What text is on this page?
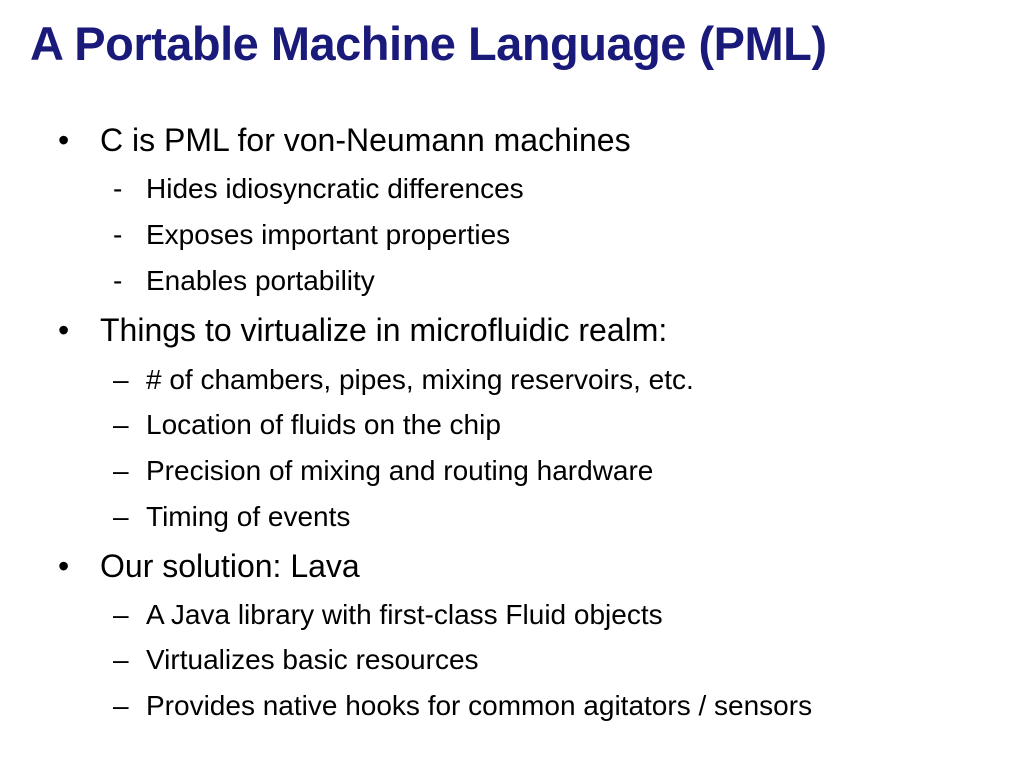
A Portable Machine Language (PML)
• C is PML for von-Neumann machines
- Hides idiosyncratic differences
- Exposes important properties
- Enables portability
• Things to virtualize in microfluidic realm:
– # of chambers, pipes, mixing reservoirs, etc.
– Location of fluids on the chip
– Precision of mixing and routing hardware
– Timing of events
• Our solution: Lava
– A Java library with first-class Fluid objects
– Virtualizes basic resources
– Provides native hooks for common agitators / sensors
